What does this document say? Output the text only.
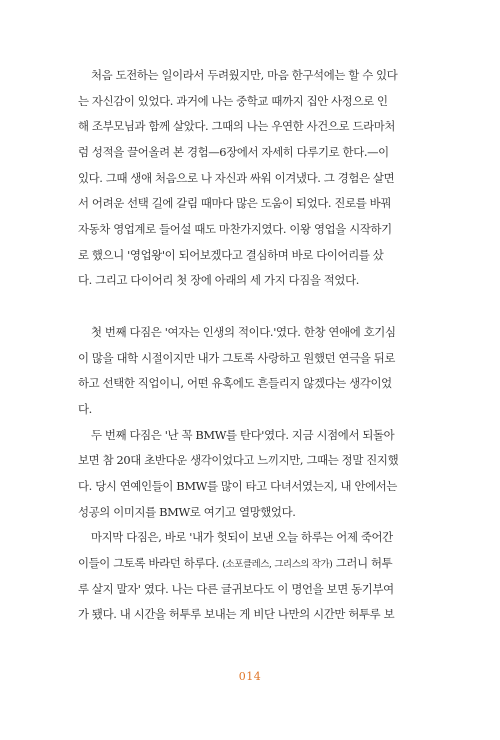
처음 도전하는 일이라서 두려웠지만, 마음 한구석에는 할 수 있다
는 자신감이 있었다. 과거에 나는 중학교 때까지 집안 사정으로 인
해 조부모님과 함께 살았다. 그때의 나는 우연한 사건으로 드라마처
럼 성적을 끌어올려 본 경험—6장에서 자세히 다루기로 한다.—이
있다. 그때 생애 처음으로 나 자신과 싸워 이겨냈다. 그 경험은 살면
서 어려운 선택 길에 갈림 때마다 많은 도움이 되었다. 진로를 바꿔
자동차 영업계로 들어설 때도 마찬가지였다. 이왕 영업을 시작하기
로 했으니 '영업왕'이 되어보겠다고 결심하며 바로 다이어리를 샀
다. 그리고 다이어리 첫 장에 아래의 세 가지 다짐을 적었다.
첫 번째 다짐은 '여자는 인생의 적이다.'였다. 한창 연애에 호기심
이 많을 대학 시절이지만 내가 그토록 사랑하고 원했던 연극을 뒤로
하고 선택한 직업이니, 어떤 유혹에도 흔들리지 않겠다는 생각이었
다.
두 번째 다짐은 '난 꼭 BMW를 탄다'였다. 지금 시점에서 되돌아
보면 참 20대 초반다운 생각이었다고 느끼지만, 그때는 정말 진지했
다. 당시 연예인들이 BMW를 많이 타고 다녀서였는지, 내 안에서는
성공의 이미지를 BMW로 여기고 열망했었다.
마지막 다짐은, 바로 '내가 헛되이 보낸 오늘 하루는 어제 죽어간
이들이 그토록 바라던 하루다. (소포클레스, 그리스의 작가) 그러니 허투
루 살지 말자' 였다. 나는 다른 글귀보다도 이 명언을 보면 동기부여
가 됐다. 내 시간을 허투루 보내는 게 비단 나만의 시간만 허투루 보
014
